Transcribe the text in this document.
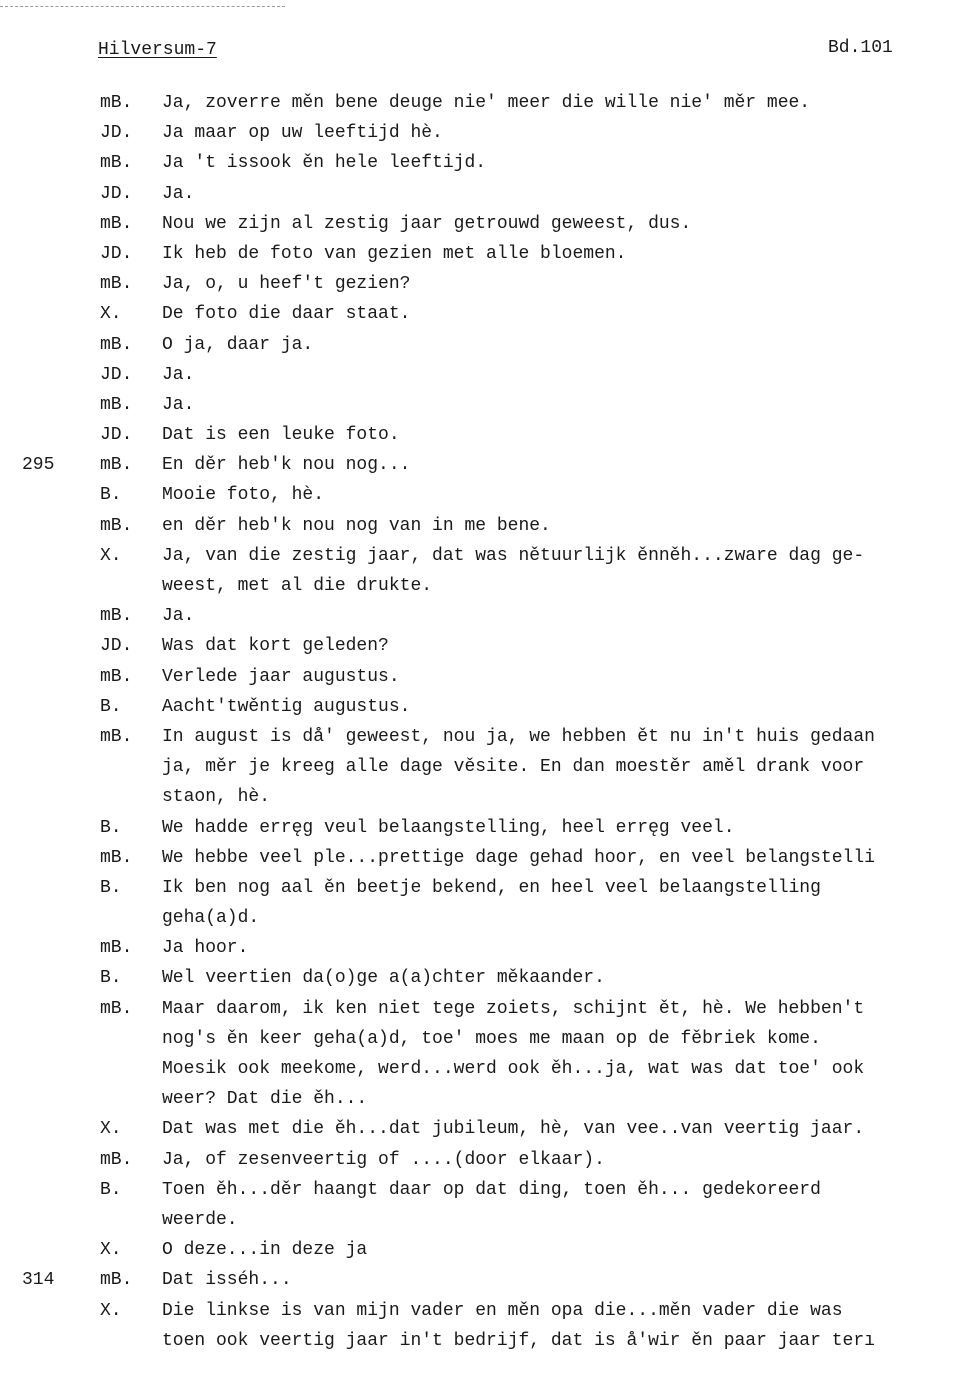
Hilversum-7	Bd.101
mB. Ja, zoverre měn bene deuge nie' meer die wille nie' měr mee.
JD. Ja maar op uw leeftijd hè.
mB. Ja 't issook ěn hele leeftijd.
JD. Ja.
mB. Nou we zijn al zestig jaar getrouwd geweest, dus.
JD. Ik heb de foto van gezien met alle bloemen.
mB. Ja, o, u heef't gezien?
X. De foto die daar staat.
mB. O ja, daar ja.
JD. Ja.
mB. Ja.
JD. Dat is een leuke foto.
295	mB. En děr heb'k nou nog...
B. Mooie foto, hè.
mB. en děr heb'k nou nog van in me bene.
X. Ja, van die zestig jaar, dat was nětuurlijk ěnněh...zware dag ge-
weest, met al die drukte.
mB. Ja.
JD. Was dat kort geleden?
mB. Verlede jaar augustus.
B. Aacht'twěntig augustus.
mB. In august is då' geweest, nou ja, we hebben ět nu in't huis gedaan
ja, měr je kreeg alle dage věsite. En dan moestěr aměl drank voor
staon, hè.
B. We hadde erręg veul belaangstelling, heel erręg veel.
mB. We hebbe veel ple...prettige dage gehad hoor, en veel belangstelli
B. Ik ben nog aal ěn beetje bekend, en heel veel belaangstelling
geha(a)d.
mB. Ja hoor.
B. Wel veertien da(o)ge a(a)chter měkaander.
mB. Maar daarom, ik ken niet tege zoiets, schijnt ět, hè. We hebben't
nog's ěn keer geha(a)d, toe' moes me maan op de fěbriek kome.
Moesik ook meekome, werd...werd ook ěh...ja, wat was dat toe' ook
weer? Dat die ěh...
X. Dat was met die ěh...dat jubileum, hè, van vee..van veertig jaar.
mB. Ja, of zesenveertig of ....(door elkaar).
B. Toen ěh...děr haangt daar op dat ding, toen ěh... gedekoreerd
weerde.
X. O deze...in deze ja
314	mB. Dat isséh...
X. Die linkse is van mijn vader en měn opa die...měn vader die was
toen ook veertig jaar in't bedrijf, dat is å'wir ěn paar jaar terı
